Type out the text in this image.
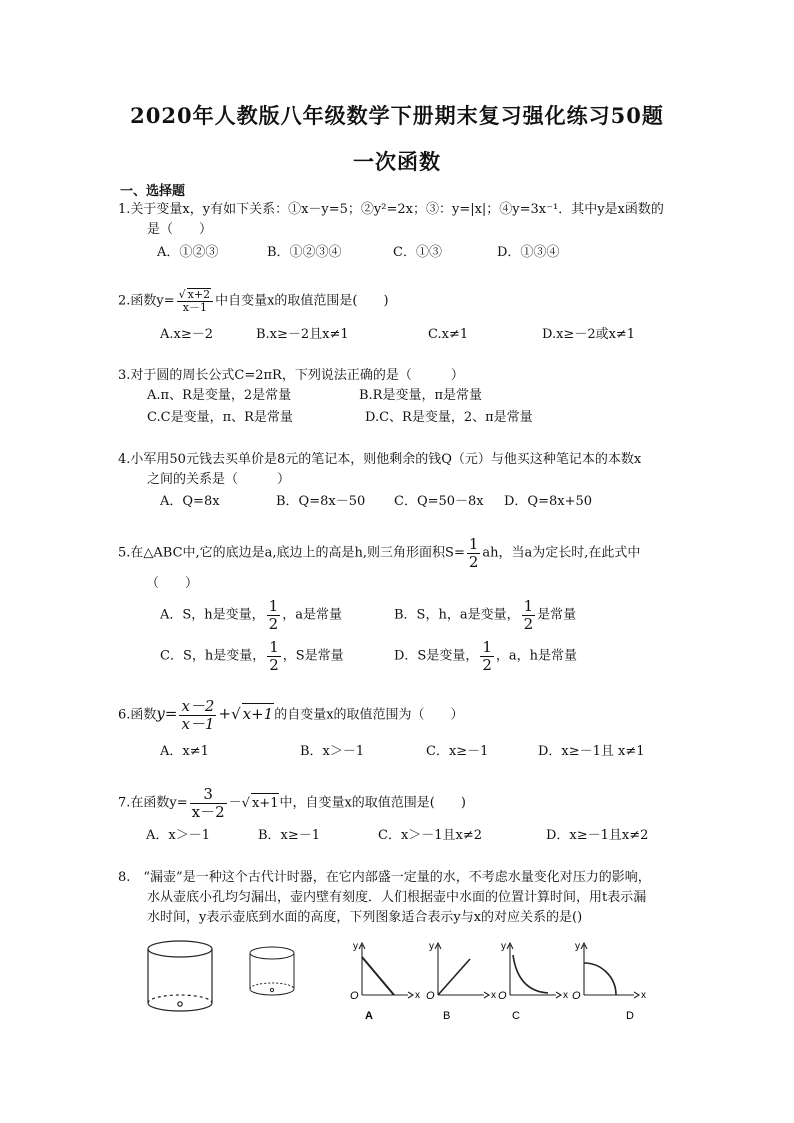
2020年人教版八年级数学下册期末复习强化练习50题
一次函数
一、选择题
1.关于变量x，y有如下关系：①x－y=5；②y²=2x；③：y=|x|；④y=3x⁻¹．其中y是x函数的
是（　　）
A．①②③	B．①②③④	C．①③	D．①③④
2.函数$y= \frac{√ x+2}{x-1}$ 中自变量x的取值范围是(　　)
A.x≥－2	B.x≥－2且x≠1	C.x≠1	D.x≥－2或x≠1
3.对于圆的周长公式C=2πR，下列说法正确的是（　　　）
A.π、R是变量，2是常量	B.R是变量，π是常量
C.C是变量，π、R是常量	D.C、R是变量，2、π是常量
4.小军用50元钱去买单价是8元的笔记本，则他剩余的钱Q（元）与他买这种笔记本的本数x
之间的关系是（　　　）
A．Q=8x	B．Q=8x－50 C．Q=50－8x D．Q=8x+50
5.在△ABC中,它的底边是a,底边上的高是h,则三角形面积$S= \frac{1}{2}$ ah，当a为定长时,在此式中
（　　）
A．S，h是变量， $\frac{1}{2}$ ，a是常量	B．S，h，a是变量， $\frac{1}{2}$ 是常量
C．S，h是变量， $\frac{1}{2}$ ，S是常量	D．S是变量， $\frac{1}{2}$ ，a，h是常量
6.函数$y= \frac{x-2}{x-1}$ +√ x+1的自变量x的取值范围为（　　）
A．x≠1	B．x＞－1	C．x≥－1	D．x≥－1且 x≠1
7.在函数$y= \frac{3}{x-2}$ －√ x+1中，自变量x的取值范围是(　　)
A．x＞－1	B．x≥－1	C．x＞－1且x≠2	D．x≥－1且x≠2
8.　“漏壶”是一种这个古代计时器，在它内部盛一定量的水，不考虑水量变化对压力的影响，
水从壶底小孔均匀漏出，壶内壁有刻度．人们根据壶中水面的位置计算时间，用t表示漏
水时间，y表示壶底到水面的高度，下列图象适合表示y与x的对应关系的是()
y
x
O
A
y
x
O
B
y
x
O
C
y
x
O
D
